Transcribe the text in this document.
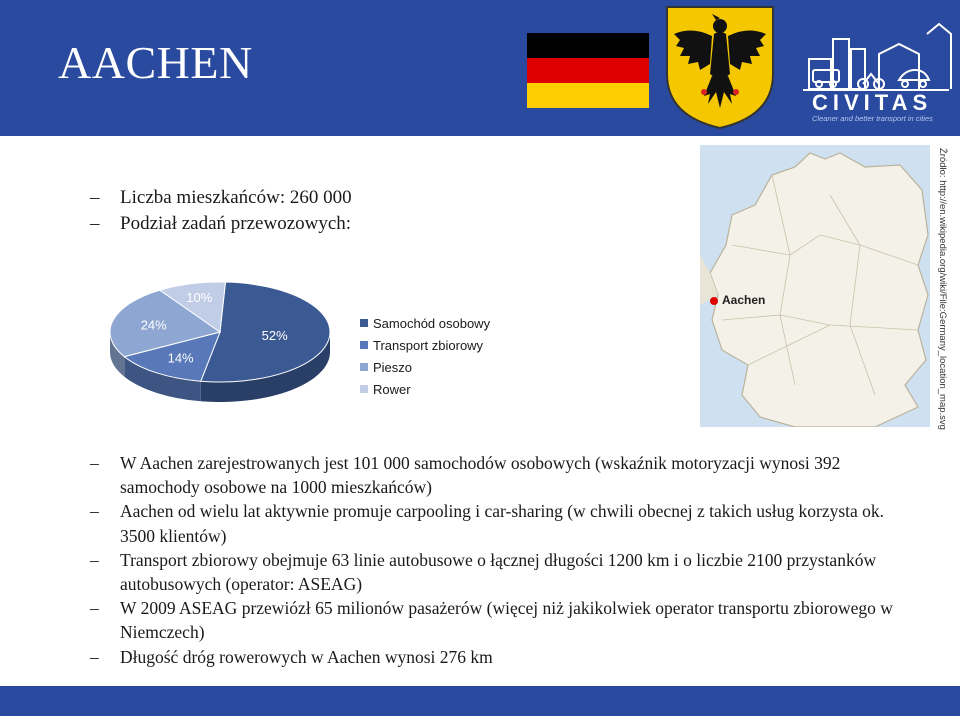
AACHEN
CIVITAS
Cleaner and better transport in cities
– Liczba mieszkańców: 260 000
– Podział zadań przewozowych:
52%
14%
24%
10%
Samochód osobowy
Transport zbiorowy
Pieszo
Rower
Aachen	Źródło: http://en.wikipedia.org/wiki/File:Germany_location_map.svg
– W Aachen zarejestrowanych jest 101 000 samochodów osobowych (wskaźnik motoryzacji wynosi 392 samochody osobowe na 1000 mieszkańców)
– Aachen od wielu lat aktywnie promuje carpooling i car-sharing (w chwili obecnej z takich usług korzysta ok. 3500 klientów)
– Transport zbiorowy obejmuje 63 linie autobusowe o łącznej długości 1200 km i o liczbie 2100 przystanków autobusowych (operator: ASEAG)
– W 2009 ASEAG przewiózł 65 milionów pasażerów (więcej niż jakikolwiek operator transportu zbiorowego w Niemczech)
– Długość dróg rowerowych w Aachen wynosi 276 km
